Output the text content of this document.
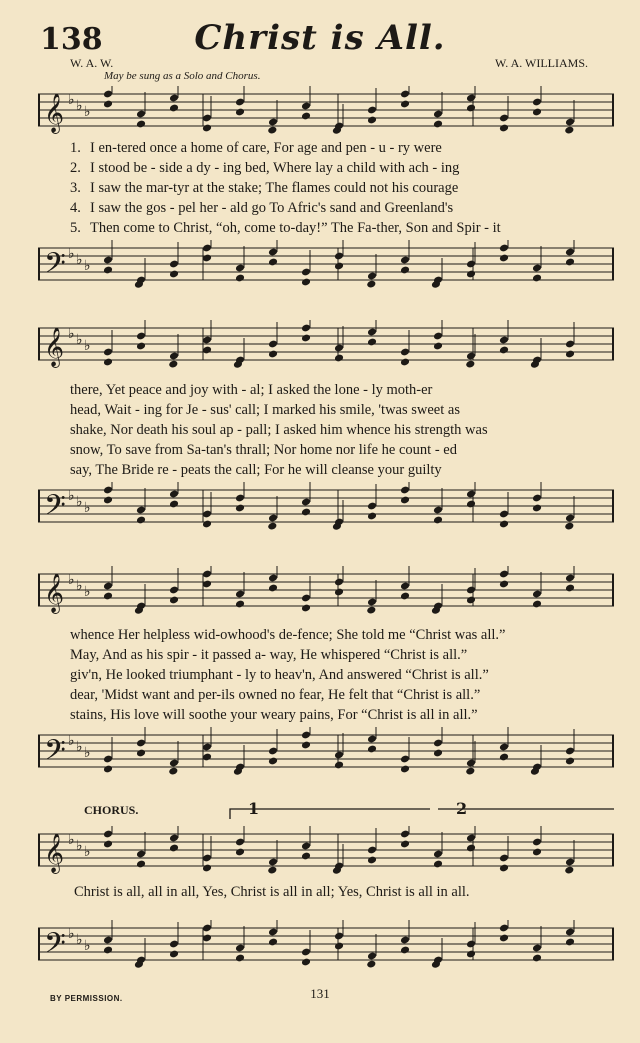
138	Christ is All.
W. A. W.	W. A. WILLIAMS.
May be sung as a Solo and Chorus.
𝄞 ♭ ♭ ♭
1. I en-tered once a home of care, For age and pen - u - ry were
2. I stood be - side a dy - ing bed, Where lay a child with ach - ing
3. I saw the mar-tyr at the stake; The flames could not his courage
4. I saw the gos - pel her - ald go To Afric's sand and Greenland's
5. Then come to Christ, “oh, come to-day!” The Fa-ther, Son and Spir - it
𝄢 ♭ ♭ ♭
𝄞 ♭ ♭ ♭
there, Yet peace and joy with - al; I asked the lone - ly moth-er
head, Wait - ing for Je - sus' call; I marked his smile, 'twas sweet as
shake, Nor death his soul ap - pall; I asked him whence his strength was
snow, To save from Sa-tan's thrall; Nor home nor life he count - ed
say, The Bride re - peats the call; For he will cleanse your guilty
𝄢 ♭ ♭ ♭
𝄞 ♭ ♭ ♭
whence Her helpless wid-owhood's de-fence; She told me “Christ was all.”
May, And as his spir - it passed a- way, He whispered “Christ is all.”
giv'n, He looked triumphant - ly to heav'n, And answered “Christ is all.”
dear, 'Midst want and per-ils owned no fear, He felt that “Christ is all.”
stains, His love will soothe your weary pains, For “Christ is all in all.”
𝄢 ♭ ♭ ♭
CHORUS.	1	2
𝄞 ♭ ♭ ♭
Christ is all, all in all, Yes, Christ is all in all; Yes, Christ is all in all.
𝄢 ♭ ♭ ♭
BY PERMISSION.	131
